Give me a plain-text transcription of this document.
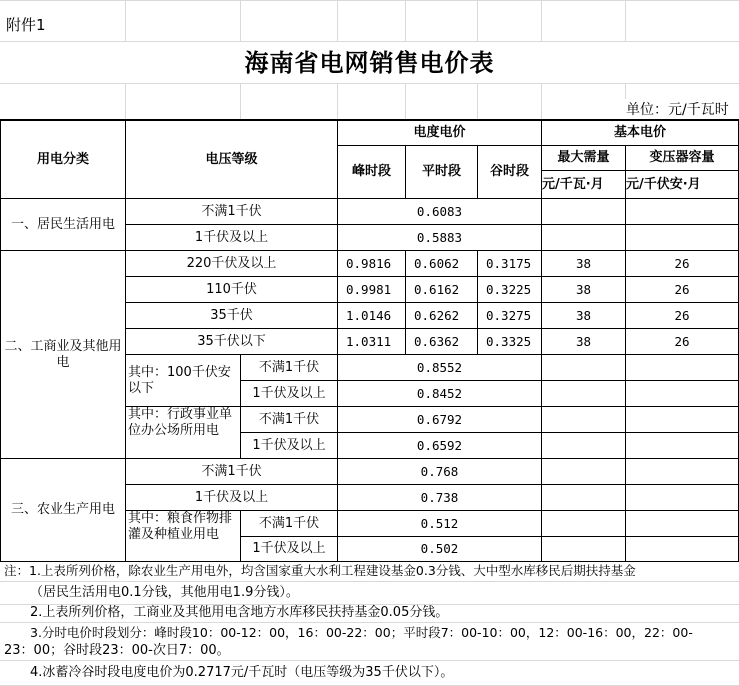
附件1
海南省电网销售电价表
单位：元/千瓦时
用电分类	电压等级
电度电价
峰时段	平时段	谷时段
基本电价
最大需量	变压器容量
元/千瓦·月	元/千伏安·月
一、居民生活用电
不满1千伏	0.6083
1千伏及以上	0.5883
二、工商业及其他用电
220千伏及以上	0.9816	0.6062	0.3175	38	26
110千伏	0.9981	0.6162	0.3225	38	26
35千伏	1.0146	0.6262	0.3275	38	26
35千伏以下	1.0311	0.6362	0.3325	38	26
其中：100千伏安以下
不满1千伏	0.8552
1千伏及以上	0.8452
其中：行政事业单位办公场所用电
不满1千伏	0.6792
1千伏及以上	0.6592
三、农业生产用电
不满1千伏	0.768
1千伏及以上	0.738
其中：粮食作物排灌及种植业用电
不满1千伏	0.512
1千伏及以上	0.502
注：1.上表所列价格，除农业生产用电外，均含国家重大水利工程建设基金0.3分钱、大中型水库移民后期扶持基金
（居民生活用电0.1分钱，其他用电1.9分钱）。
2.上表所列价格，工商业及其他用电含地方水库移民扶持基金0.05分钱。
3.分时电价时段划分：峰时段10：00-12：00，16：00-22：00；平时段7：00-10：00，12：00-16：00，22：00-
23：00；谷时段23：00-次日7：00。
4.冰蓄冷谷时段电度电价为0.2717元/千瓦时（电压等级为35千伏以下）。
